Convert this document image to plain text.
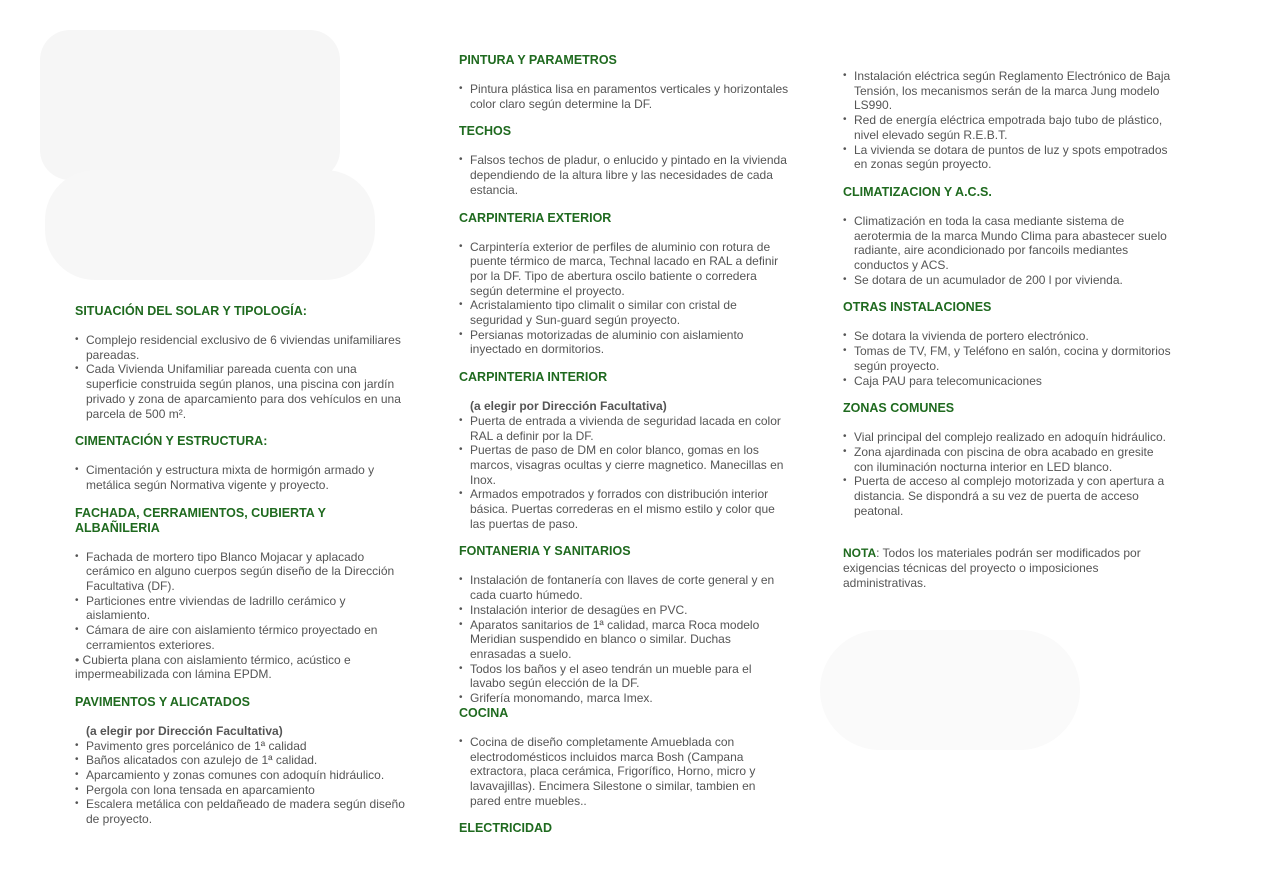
SITUACIÓN DEL SOLAR Y TIPOLOGÍA:

• Complejo residencial exclusivo de 6 viviendas unifamiliares pareadas.
• Cada Vivienda Unifamiliar pareada cuenta con una superficie construida según planos, una piscina con jardín privado y zona de aparcamiento para dos vehículos en una parcela de 500 m².

CIMENTACIÓN Y ESTRUCTURA:

• Cimentación y estructura mixta de hormigón armado y metálica según Normativa vigente y proyecto.

FACHADA, CERRAMIENTOS, CUBIERTA Y ALBAÑILERIA

• Fachada de mortero tipo Blanco Mojacar y aplacado cerámico en alguno cuerpos según diseño de la Dirección Facultativa (DF).
• Particiones entre viviendas de ladrillo cerámico y aislamiento.
• Cámara de aire con aislamiento térmico proyectado en cerramientos exteriores.
• Cubierta plana con aislamiento térmico, acústico e impermeabilizada con lámina EPDM.

PAVIMENTOS Y ALICATADOS

(a elegir por Dirección Facultativa)
• Pavimento gres porcelánico de 1ª calidad
• Baños alicatados con azulejo de 1ª calidad.
• Aparcamiento y zonas comunes con adoquín hidráulico.
• Pergola con lona tensada en aparcamiento
• Escalera metálica con peldañeado de madera según diseño de proyecto.

PINTURA Y PARAMETROS

• Pintura plástica lisa en paramentos verticales y horizontales color claro según determine la DF.

TECHOS

• Falsos techos de pladur, o enlucido y pintado en la vivienda dependiendo de la altura libre y las necesidades de cada estancia.

CARPINTERIA EXTERIOR

• Carpintería exterior de perfiles de aluminio con rotura de puente térmico de marca, Technal lacado en RAL a definir por la DF. Tipo de abertura oscilo batiente o corredera según determine el proyecto.
• Acristalamiento tipo climalit o similar con cristal de seguridad y Sun-guard según proyecto.
• Persianas motorizadas de aluminio con aislamiento inyectado en dormitorios.

CARPINTERIA INTERIOR

(a elegir por Dirección Facultativa)
• Puerta de entrada a vivienda de seguridad lacada en color RAL a definir por la DF.
• Puertas de paso de DM en color blanco, gomas en los marcos, visagras ocultas y cierre magnetico. Manecillas en Inox.
• Armados empotrados y forrados con distribución interior básica. Puertas correderas en el mismo estilo y color que las puertas de paso.

FONTANERIA Y SANITARIOS

• Instalación de fontanería con llaves de corte general y en cada cuarto húmedo.
• Instalación interior de desagües en PVC.
• Aparatos sanitarios de 1ª calidad, marca Roca modelo Meridian suspendido en blanco o similar. Duchas enrasadas a suelo.
• Todos los baños y el aseo tendrán un mueble para el lavabo según elección de la DF.
• Grifería monomando, marca Imex.

COCINA

• Cocina de diseño completamente Amueblada con electrodomésticos incluidos marca Bosh (Campana extractora, placa cerámica, Frigorífico, Horno, micro y lavavajillas). Encimera Silestone o similar, tambien en pared entre muebles..

ELECTRICIDAD

• Instalación eléctrica según Reglamento Electrónico de Baja Tensión, los mecanismos serán de la marca Jung modelo LS990.
• Red de energía eléctrica empotrada bajo tubo de plástico, nivel elevado según R.E.B.T.
• La vivienda se dotara de puntos de luz y spots empotrados en zonas según proyecto.

CLIMATIZACION Y A.C.S.

• Climatización en toda la casa mediante sistema de aerotermia de la marca Mundo Clima para abastecer suelo radiante, aire acondicionado por fancoils mediantes conductos y ACS.
• Se dotara de un acumulador de 200 l por vivienda.

OTRAS INSTALACIONES

• Se dotara la vivienda de portero electrónico.
• Tomas de TV, FM, y Teléfono en salón, cocina y dormitorios según proyecto.
• Caja PAU para telecomunicaciones

ZONAS COMUNES

• Vial principal del complejo realizado en adoquín hidráulico.
• Zona ajardinada con piscina de obra acabado en gresite con iluminación nocturna interior en LED blanco.
• Puerta de acceso al complejo motorizada y con apertura a distancia. Se dispondrá a su vez de puerta de acceso peatonal.

NOTA: Todos los materiales podrán ser modificados por exigencias técnicas del proyecto o imposiciones administrativas.
